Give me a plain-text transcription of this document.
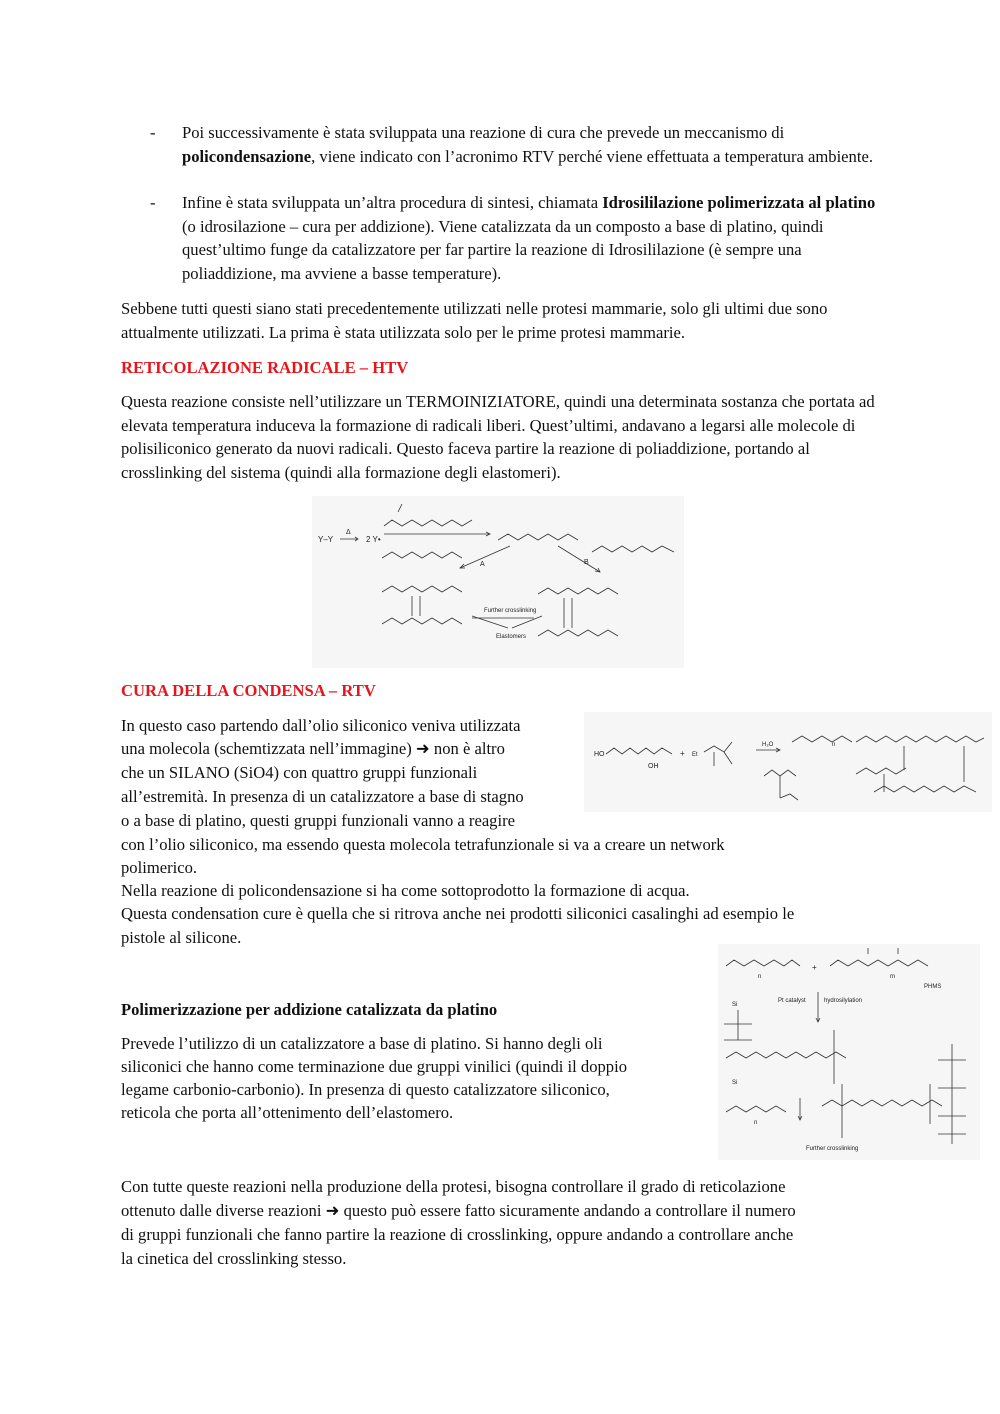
- Poi successivamente è stata sviluppata una reazione di cura che prevede un meccanismo di policondensazione, viene indicato con l’acronimo RTV perché viene effettuata a temperatura ambiente.

- Infine è stata sviluppata un’altra procedura di sintesi, chiamata Idrosililazione polimerizzata al platino (o idrosilazione – cura per addizione). Viene catalizzata da un composto a base di platino, quindi quest’ultimo funge da catalizzatore per far partire la reazione di Idrosililazione (è sempre una poliaddizione, ma avviene a basse temperature).

Sebbene tutti questi siano stati precedentemente utilizzati nelle protesi mammarie, solo gli ultimi due sono attualmente utilizzati. La prima è stata utilizzata solo per le prime protesi mammarie.

RETICOLAZIONE RADICALE – HTV

Questa reazione consiste nell’utilizzare un TERMOINIZIATORE, quindi una determinata sostanza che portata ad elevata temperatura induceva la formazione di radicali liberi. Quest’ultimi, andavano a legarsi alle molecole di polisiliconico generato da nuovi radicali. Questo faceva partire la reazione di poliaddizione, portando al crosslinking del sistema (quindi alla formazione degli elastomeri).

Y–Y
Δ
2 Y•
A	B
Further crosslinking
Elastomers
CURA DELLA CONDENSA – RTV

In questo caso partendo dall’olio siliconico veniva utilizzata

una molecola (schemtizzata nell’immagine) ➜ non è altro

che un SILANO (SiO4) con quattro gruppi funzionali

all’estremità. In presenza di un catalizzatore a base di stagno

o a base di platino, questi gruppi funzionali vanno a reagire

con l’olio siliconico, ma essendo questa molecola tetrafunzionale si va a creare un network

polimerico.

Nella reazione di policondensazione si ha come sottoprodotto la formazione di acqua.

Questa condensation cure è quella che si ritrova anche nei prodotti siliconici casalinghi ad esempio le

pistole al silicone.

HO
OH
+ Et
H₂O	n
Polimerizzazione per addizione catalizzata da platino

Prevede l’utilizzo di un catalizzatore a base di platino. Si hanno degli oli

siliconici che hanno come terminazione due gruppi vinilici (quindi il doppio

legame carbonio-carbonio). In presenza di questo catalizzatore siliconico,

reticola che porta all’ottenimento dell’elastomero.

n
+
m
PHMS
Pt catalyst	hydrosilylation
Si
Si
n
Further crosslinking

Con tutte queste reazioni nella produzione della protesi, bisogna controllare il grado di reticolazione

ottenuto dalle diverse reazioni ➜ questo può essere fatto sicuramente andando a controllare il numero

di gruppi funzionali che fanno partire la reazione di crosslinking, oppure andando a controllare anche

la cinetica del crosslinking stesso.
